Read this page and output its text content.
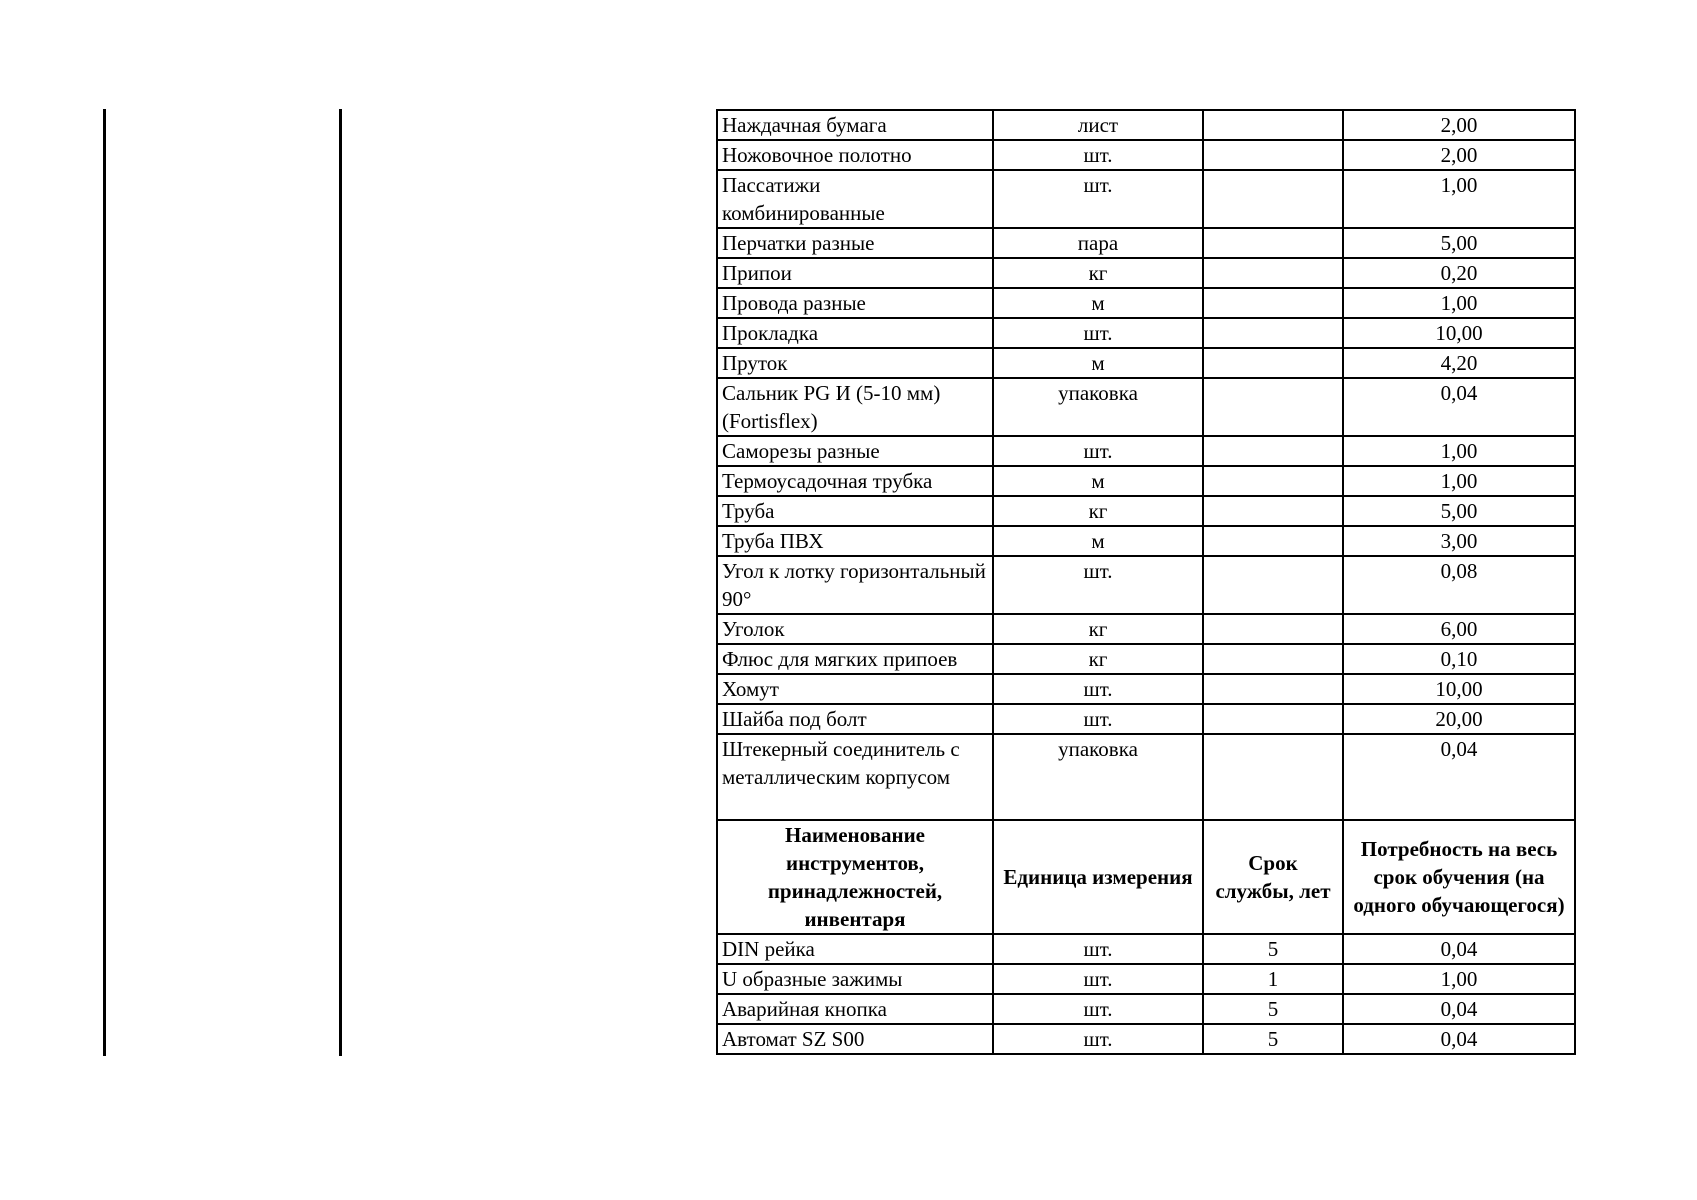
Наждачная бумага	лист		2,00
Ножовочное полотно	шт.		2,00
Пассатижи комбинированные	шт.		1,00
Перчатки разные	пара		5,00
Припои	кг		0,20
Провода разные	м		1,00
Прокладка	шт.		10,00
Пруток	м		4,20
Сальник PG И (5-10 мм) (Fortisflex)	упаковка		0,04
Саморезы разные	шт.		1,00
Термоусадочная трубка	м		1,00
Труба	кг		5,00
Труба ПВХ	м		3,00
Угол к лотку горизонтальный 90°	шт.		0,08
Уголок	кг		6,00
Флюс для мягких припоев	кг		0,10
Хомут	шт.		10,00
Шайба под болт	шт.		20,00
Штекерный соединитель с металлическим корпусом	упаковка		0,04
Наименование инструментов, принадлежностей, инвентаря	Единица измерения	Срок службы, лет	Потребность на весь срок обучения (на одного обучающегося)
DIN рейка	шт.	5	0,04
U образные зажимы	шт.	1	1,00
Аварийная кнопка	шт.	5	0,04
Автомат SZ S00	шт.	5	0,04
